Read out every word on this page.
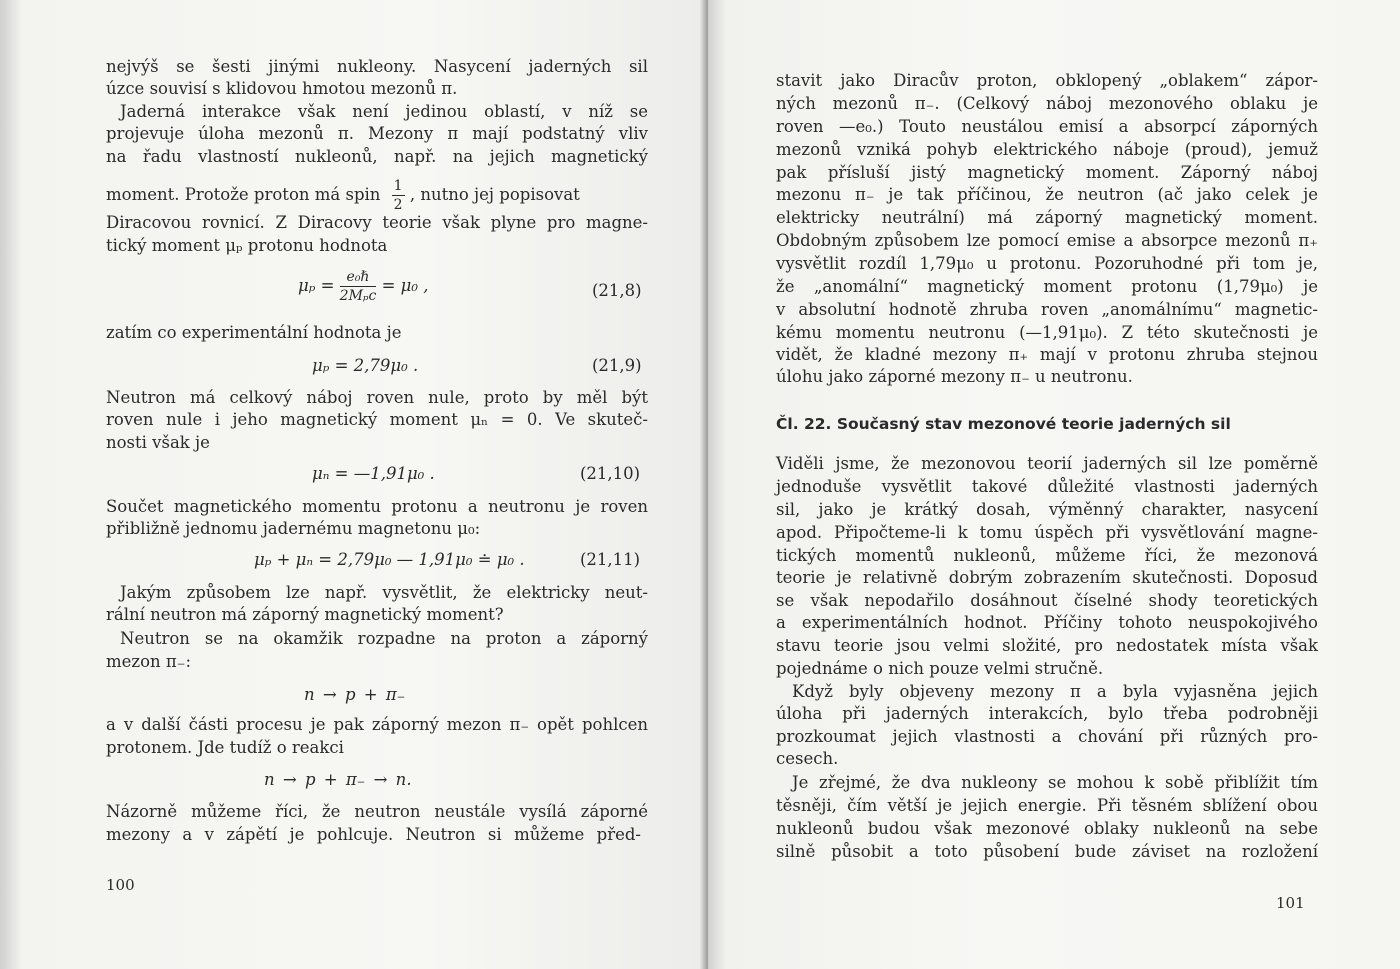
nejvýš se šesti jinými nukleony. Nasycení jaderných sil
úzce souvisí s klidovou hmotou mezonů π.
Jaderná interakce však není jedinou oblastí, v níž se
projevuje úloha mezonů π. Mezony π mají podstatný vliv
na řadu vlastností nukleonů, např. na jejich magnetický
moment. Protože proton má spin $\frac{1}{2}$ , nutno jej popisovat
Diracovou rovnicí. Z Diracovy teorie však plyne pro magne-
tický moment μₚ protonu hodnota
$\mu_p = \frac{\text{e₀ℏ}}{\text{2Mₚc}} = \mu_0$ ,	(21,8)
zatím co experimentální hodnota je
μₚ = 2,79μ₀ .	(21,9)
Neutron má celkový náboj roven nule, proto by měl být
roven nule i jeho magnetický moment μₙ = 0. Ve skuteč-
nosti však je
μₙ = —1,91μ₀ .	(21,10)
Součet magnetického momentu protonu a neutronu je roven
přibližně jednomu jadernému magnetonu μ₀:
μₚ + μₙ = 2,79μ₀ — 1,91μ₀ ≐ μ₀ .	(21,11)
Jakým způsobem lze např. vysvětlit, že elektricky neut-
rální neutron má záporný magnetický moment?
Neutron se na okamžik rozpadne na proton a záporný
mezon π₋:
n → p + π₋
a v další části procesu je pak záporný mezon π₋ opět pohlcen
protonem. Jde tudíž o reakci
n → p + π₋ → n.
Názorně můžeme říci, že neutron neustále vysílá záporné
mezony a v zápětí je pohlcuje. Neutron si můžeme před-
100
stavit jako Diracův proton, obklopený „oblakem“ zápor-
ných mezonů π₋. (Celkový náboj mezonového oblaku je
roven —e₀.) Touto neustálou emisí a absorpcí záporných
mezonů vzniká pohyb elektrického náboje (proud), jemuž
pak přísluší jistý magnetický moment. Záporný náboj
mezonu π₋ je tak příčinou, že neutron (ač jako celek je
elektricky neutrální) má záporný magnetický moment.
Obdobným způsobem lze pomocí emise a absorpce mezonů π₊
vysvětlit rozdíl 1,79μ₀ u protonu. Pozoruhodné při tom je,
že „anomální“ magnetický moment protonu (1,79μ₀) je
v absolutní hodnotě zhruba roven „anomálnímu“ magnetic-
kému momentu neutronu (—1,91μ₀). Z této skutečnosti je
vidět, že kladné mezony π₊ mají v protonu zhruba stejnou
úlohu jako záporné mezony π₋ u neutronu.
Čl. 22. Současný stav mezonové teorie jaderných sil
Viděli jsme, že mezonovou teorií jaderných sil lze poměrně
jednoduše vysvětlit takové důležité vlastnosti jaderných
sil, jako je krátký dosah, výměnný charakter, nasycení
apod. Připočteme-li k tomu úspěch při vysvětlování magne-
tických momentů nukleonů, můžeme říci, že mezonová
teorie je relativně dobrým zobrazením skutečnosti. Doposud
se však nepodařilo dosáhnout číselné shody teoretických
a experimentálních hodnot. Příčiny tohoto neuspokojivého
stavu teorie jsou velmi složité, pro nedostatek místa však
pojednáme o nich pouze velmi stručně.
Když byly objeveny mezony π a byla vyjasněna jejich
úloha při jaderných interakcích, bylo třeba podrobněji
prozkoumat jejich vlastnosti a chování při různých pro-
cesech.
Je zřejmé, že dva nukleony se mohou k sobě přiblížit tím
těsněji, čím větší je jejich energie. Při těsném sblížení obou
nukleonů budou však mezonové oblaky nukleonů na sebe
silně působit a toto působení bude záviset na rozložení
101
